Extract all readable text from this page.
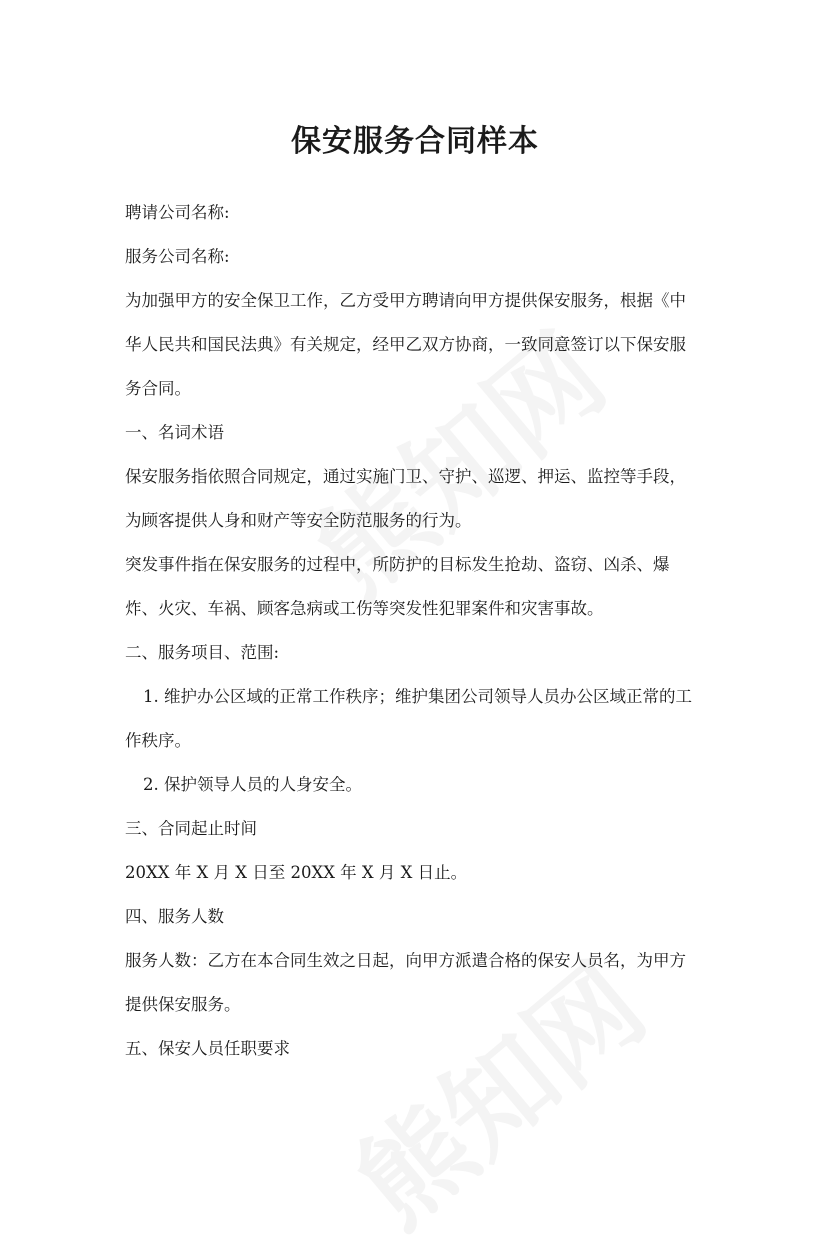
保安服务合同样本

聘请公司名称:

服务公司名称:

为加强甲方的安全保卫工作，乙方受甲方聘请向甲方提供保安服务，根据《中

华人民共和国民法典》有关规定，经甲乙双方协商，一致同意签订以下保安服

务合同。

一、名词术语

保安服务指依照合同规定，通过实施门卫、守护、巡逻、押运、监控等手段，

为顾客提供人身和财产等安全防范服务的行为。

突发事件指在保安服务的过程中，所防护的目标发生抢劫、盗窃、凶杀、爆

炸、火灾、车祸、顾客急病或工伤等突发性犯罪案件和灾害事故。

二、服务项目、范围:

1. 维护办公区域的正常工作秩序；维护集团公司领导人员办公区域正常的工

作秩序。

2. 保护领导人员的人身安全。

三、合同起止时间

20XX 年 X 月 X 日至 20XX 年 X 月 X 日止。

四、服务人数

服务人数：乙方在本合同生效之日起，向甲方派遣合格的保安人员名，为甲方

提供保安服务。

五、保安人员任职要求
